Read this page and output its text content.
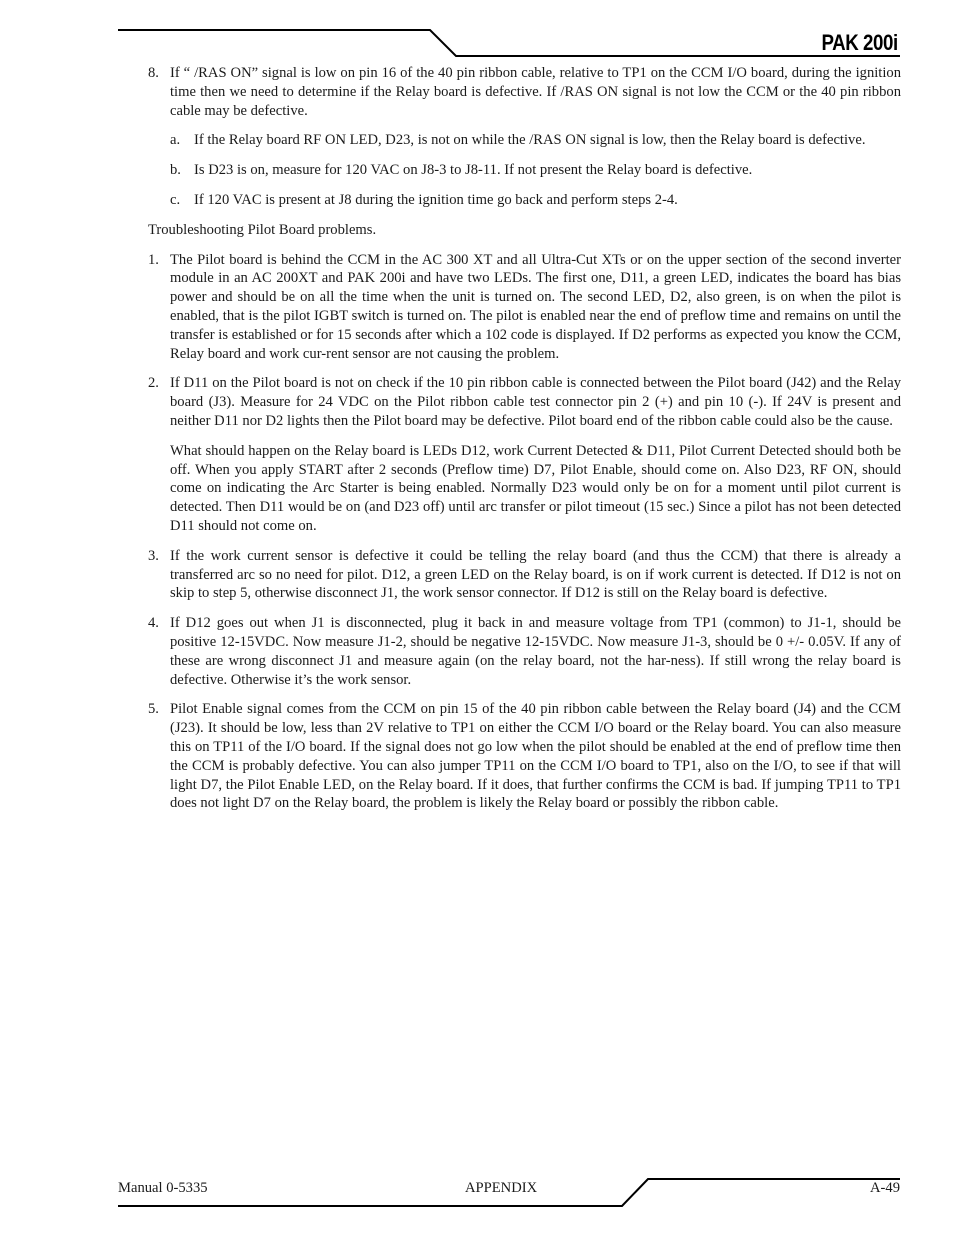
PAK 200i
8. If “ /RAS ON” signal is low on pin 16 of the 40 pin ribbon cable, relative to TP1 on the CCM I/O board, during the ignition time then we need to determine if the Relay board is defective. If /RAS ON signal is not low the CCM or the 40 pin ribbon cable may be defective.
a. If the Relay board RF ON LED, D23, is not on while the /RAS ON signal is low, then the Relay board is defective.
b. Is D23 is on, measure for 120 VAC on J8-3 to J8-11. If not present the Relay board is defective.
c. If 120 VAC is present at J8 during the ignition time go back and perform steps 2-4.
Troubleshooting Pilot Board problems.
1. The Pilot board is behind the CCM in the AC 300 XT and all Ultra-Cut XTs or on the upper section of the second inverter module in an AC 200XT and PAK 200i and have two LEDs. The first one, D11, a green LED, indicates the board has bias power and should be on all the time when the unit is turned on. The second LED, D2, also green, is on when the pilot is enabled, that is the pilot IGBT switch is turned on. The pilot is enabled near the end of preflow time and remains on until the transfer is established or for 15 seconds after which a 102 code is displayed. If D2 performs as expected you know the CCM, Relay board and work cur-rent sensor are not causing the problem.
2. If D11 on the Pilot board is not on check if the 10 pin ribbon cable is connected between the Pilot board (J42) and the Relay board (J3). Measure for 24 VDC on the Pilot ribbon cable test connector pin 2 (+) and pin 10 (-). If 24V is present and neither D11 nor D2 lights then the Pilot board may be defective. Pilot board end of the ribbon cable could also be the cause.
What should happen on the Relay board is LEDs D12, work Current Detected & D11, Pilot Current Detected should both be off. When you apply START after 2 seconds (Preflow time) D7, Pilot Enable, should come on. Also D23, RF ON, should come on indicating the Arc Starter is being enabled. Normally D23 would only be on for a moment until pilot current is detected. Then D11 would be on (and D23 off) until arc transfer or pilot timeout (15 sec.) Since a pilot has not been detected D11 should not come on.
3. If the work current sensor is defective it could be telling the relay board (and thus the CCM) that there is already a transferred arc so no need for pilot. D12, a green LED on the Relay board, is on if work current is detected. If D12 is not on skip to step 5, otherwise disconnect J1, the work sensor connector. If D12 is still on the Relay board is defective.
4. If D12 goes out when J1 is disconnected, plug it back in and measure voltage from TP1 (common) to J1-1, should be positive 12-15VDC. Now measure J1-2, should be negative 12-15VDC. Now measure J1-3, should be 0 +/- 0.05V. If any of these are wrong disconnect J1 and measure again (on the relay board, not the har-ness). If still wrong the relay board is defective. Otherwise it’s the work sensor.
5. Pilot Enable signal comes from the CCM on pin 15 of the 40 pin ribbon cable between the Relay board (J4) and the CCM (J23). It should be low, less than 2V relative to TP1 on either the CCM I/O board or the Relay board. You can also measure this on TP11 of the I/O board. If the signal does not go low when the pilot should be enabled at the end of preflow time then the CCM is probably defective. You can also jumper TP11 on the CCM I/O board to TP1, also on the I/O, to see if that will light D7, the Pilot Enable LED, on the Relay board. If it does, that further confirms the CCM is bad. If jumping TP11 to TP1 does not light D7 on the Relay board, the problem is likely the Relay board or possibly the ribbon cable.
Manual 0-5335	APPENDIX	A-49
